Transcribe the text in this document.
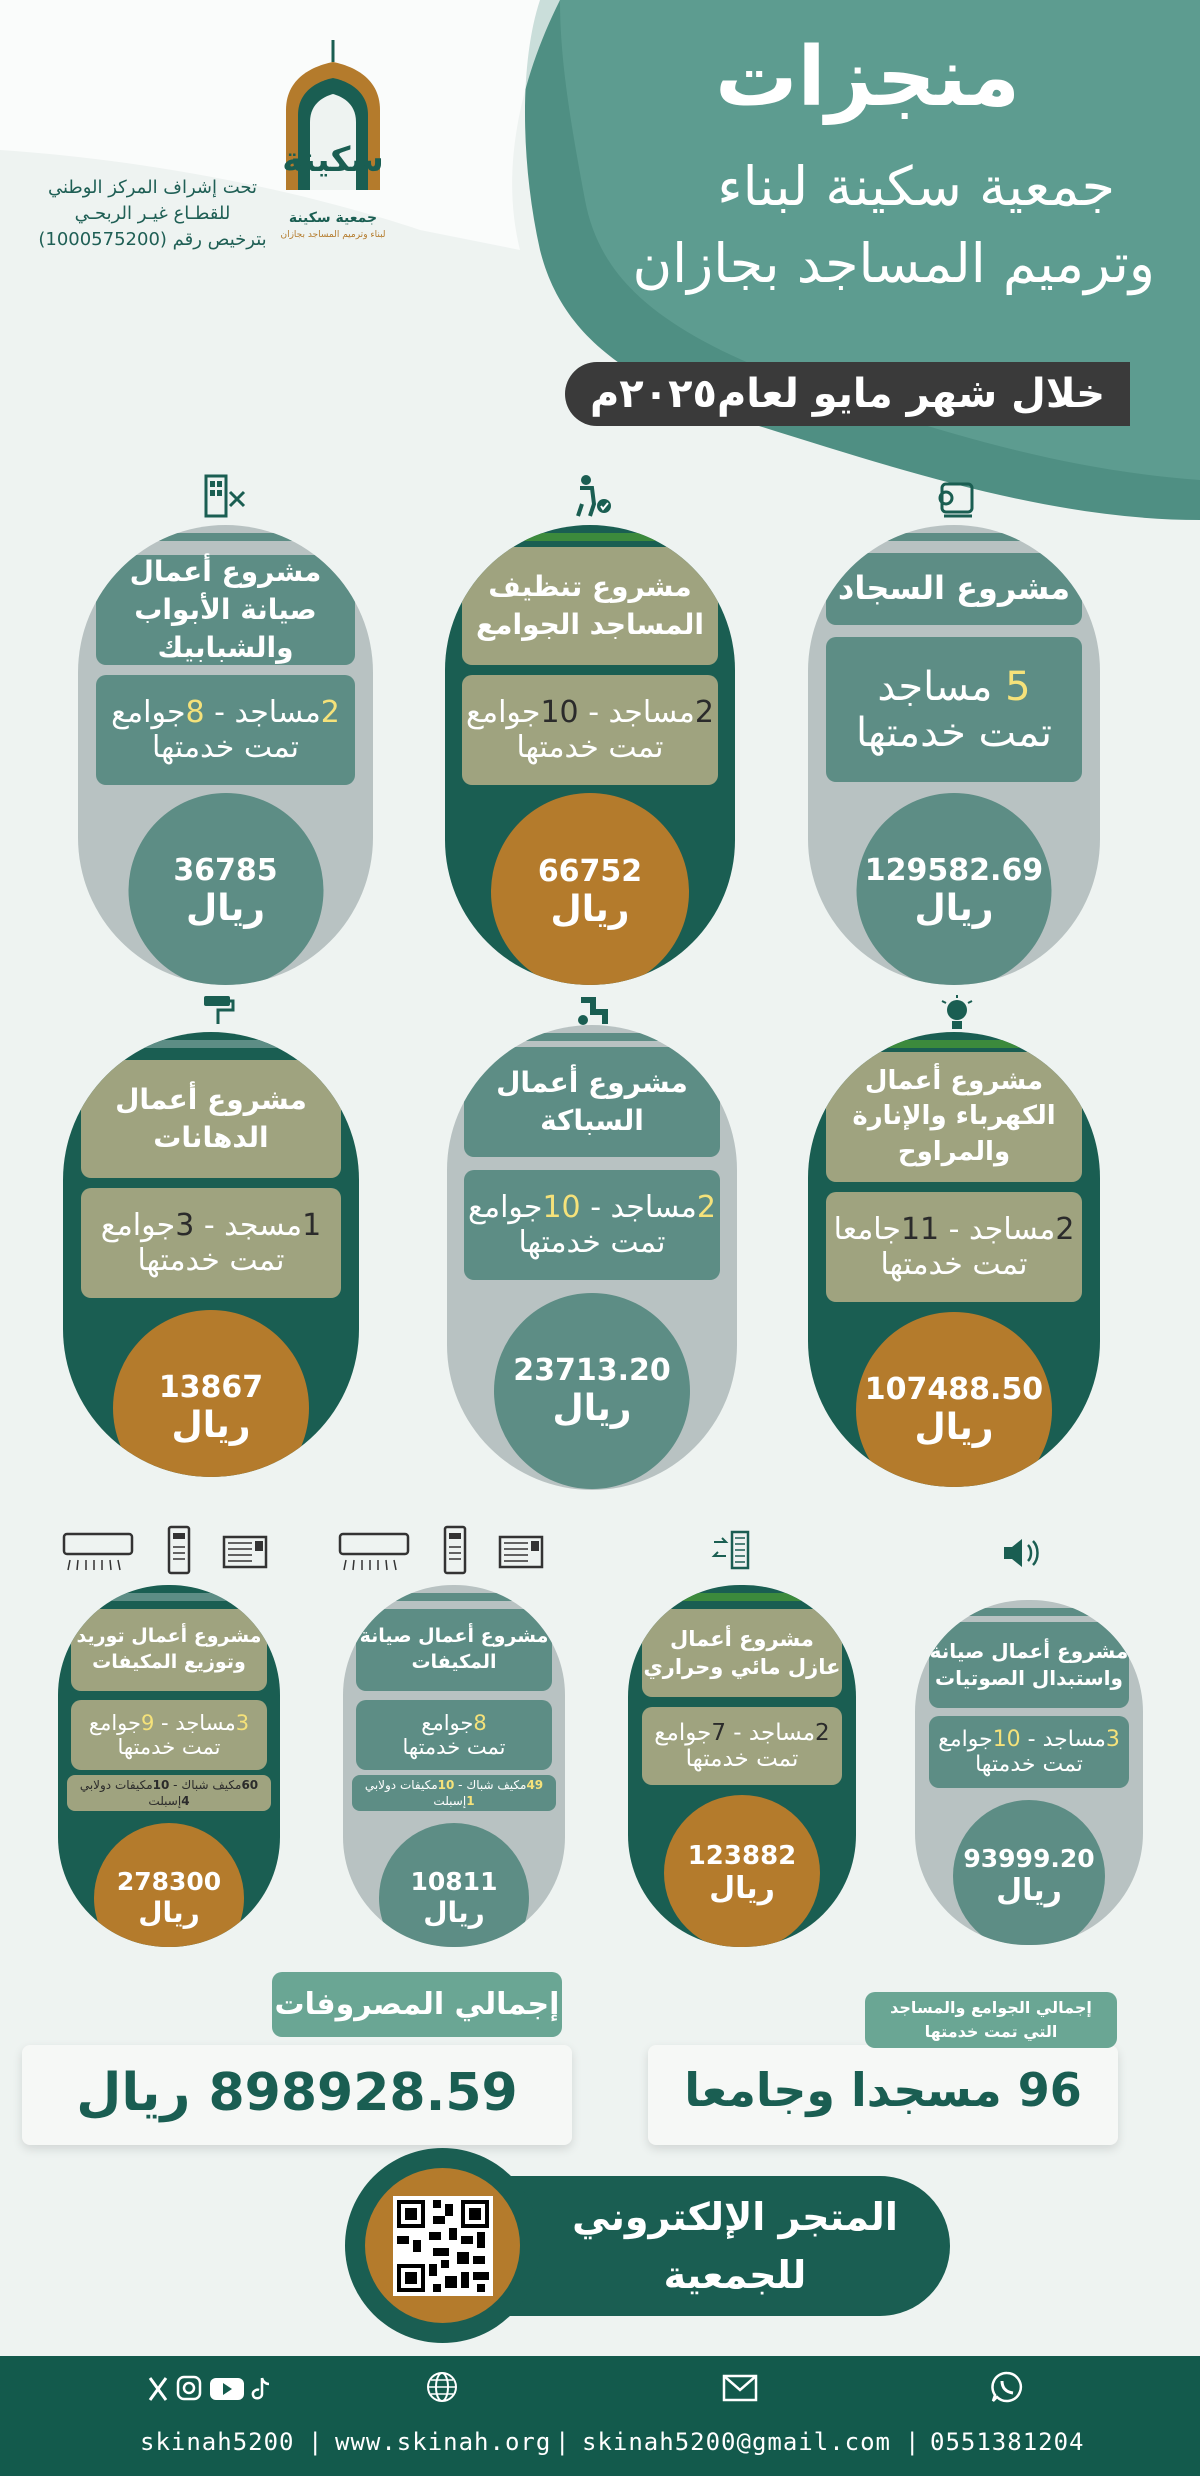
منجزات
جمعية سكينة لبناء
وترميم المساجد بجازان
خلال شهر مايو لعام٢٠٢٥م
تحت إشراف المركز الوطني
للقطـاع غيـر الربحـي
بترخيص رقم (1000575200)
سكينة
جمعية سكينة
لبناء وترميم المساجد بجازان
مشروع أعمال صيانة الأبواب والشبابيك
2مساجد - 8جوامع
تمت خدمتها
36785
ريال
مشروع تنظيف المساجد الجوامع
2مساجد - 10جوامع
تمت خدمتها
66752
ريال
مشروع السجاد
5 مساجد
تمت خدمتها
129582.69
ريال
مشروع أعمال الدهانات
1مسجد - 3جوامع
تمت خدمتها
13867
ريال
مشروع أعمال السباكة
2مساجد - 10جوامع
تمت خدمتها
23713.20
ريال
مشروع أعمال الكهرباء والإنارة والمراوح
2مساجد - 11جامعا
تمت خدمتها
107488.50
ريال
مشروع أعمال توريد وتوزيع المكيفات
3مساجد - 9جوامع
تمت خدمتها
60مكيف شباك - 10مكيفات دولابي
4إسبلت
278300
ريال
مشروع أعمال صيانة المكيفات
8جوامع
تمت خدمتها
49مكيف شباك - 10مكيفات دولابي
1إسبلت
10811
ريال
مشروع أعمال عازل مائي وحراري
2مساجد - 7جوامع
تمت خدمتها
123882
ريال
مشروع أعمال صيانة واستبدال الصوتيات
3مساجد - 10جوامع
تمت خدمتها
93999.20
ريال
898928.59 ريال
إجمالي المصروفات
96 مسجدا وجامعا
إجمالي الجوامع والمساجد
التي تمت خدمتها
المتجر الإلكتروني
للجمعية
skinah5200 | www.skinah.org | skinah5200@gmail.com | 0551381204
